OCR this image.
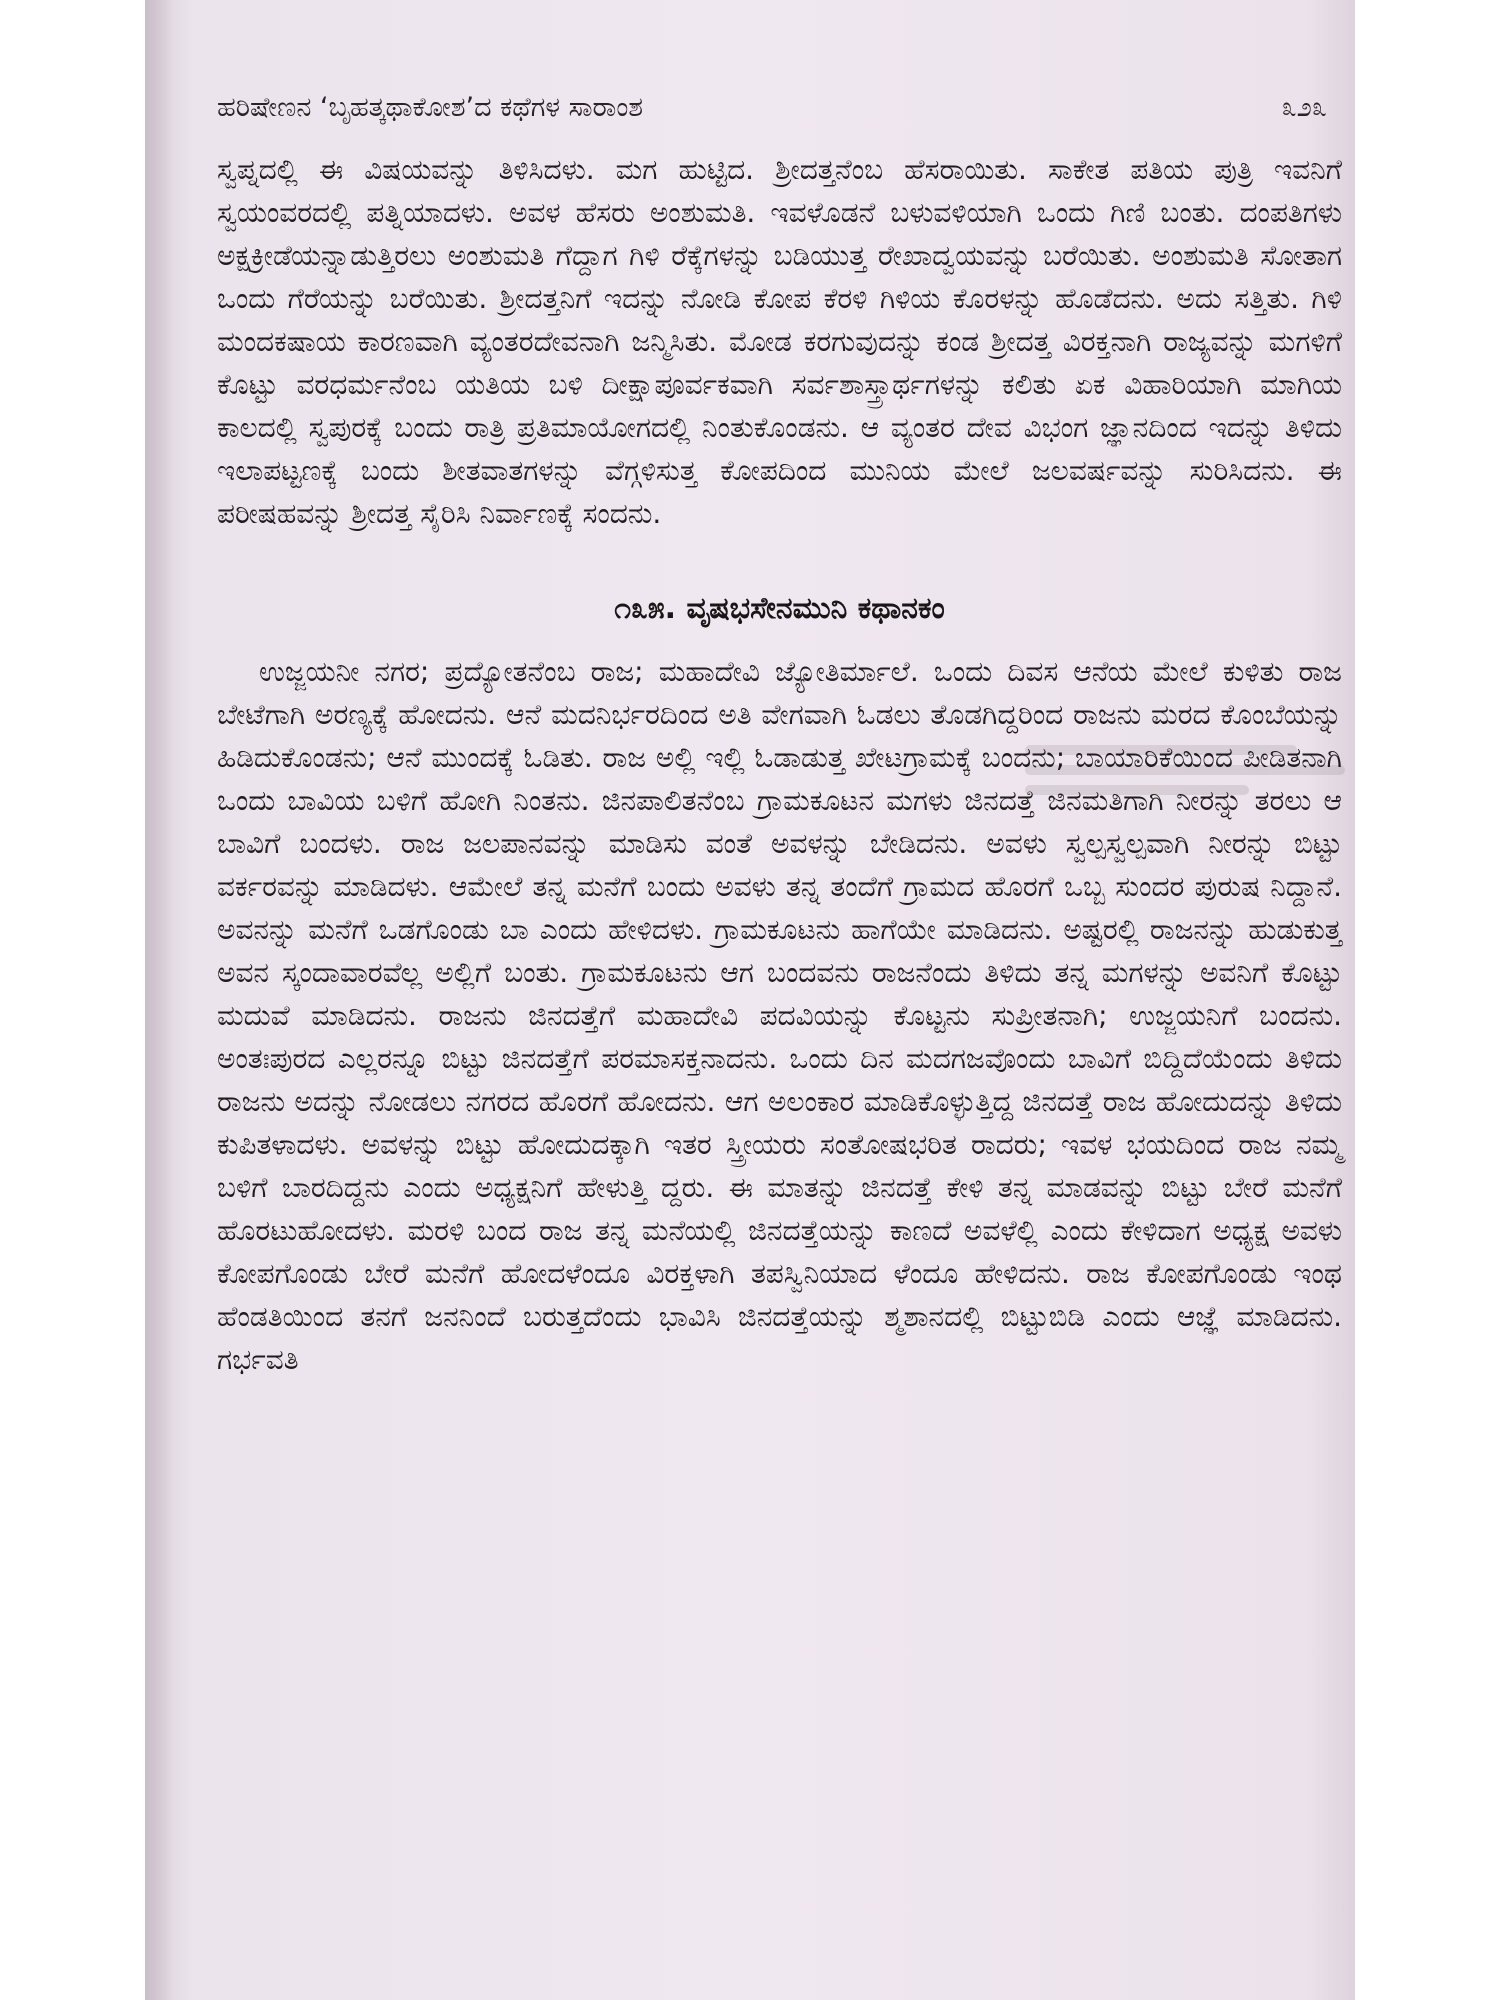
ಹರಿಷೇಣನ ‘ಬೃಹತ್ಕಥಾಕೋಶ’ದ ಕಥೆಗಳ ಸಾರಾಂಶ	೩೨೩

ಸ್ವಪ್ನದಲ್ಲಿ ಈ ವಿಷಯವನ್ನು ತಿಳಿಸಿದಳು. ಮಗ ಹುಟ್ಟಿದ. ಶ್ರೀದತ್ತನೆಂಬ ಹೆಸರಾಯಿತು. ಸಾಕೇತ ಪತಿಯ ಪುತ್ರಿ ಇವನಿಗೆ ಸ್ವಯಂವರದಲ್ಲಿ ಪತ್ನಿಯಾದಳು. ಅವಳ ಹೆಸರು ಅಂಶುಮತಿ. ಇವಳೊಡನೆ ಬಳುವಳಿಯಾಗಿ ಒಂದು ಗಿಣಿ ಬಂತು. ದಂಪತಿಗಳು ಅಕ್ಷಕ್ರೀಡೆಯನ್ನಾಡುತ್ತಿರಲು ಅಂಶುಮತಿ ಗೆದ್ದಾಗ ಗಿಳಿ ರೆಕ್ಕೆಗಳನ್ನು ಬಡಿಯುತ್ತ ರೇಖಾದ್ವಯವನ್ನು ಬರೆಯಿತು. ಅಂಶುಮತಿ ಸೋತಾಗ ಒಂದು ಗೆರೆಯನ್ನು ಬರೆಯಿತು. ಶ್ರೀದತ್ತನಿಗೆ ಇದನ್ನು ನೋಡಿ ಕೋಪ ಕೆರಳಿ ಗಿಳಿಯ ಕೊರಳನ್ನು ಹೊಡೆದನು. ಅದು ಸತ್ತಿತು. ಗಿಳಿ ಮಂದಕಷಾಯ ಕಾರಣವಾಗಿ ವ್ಯಂತರದೇವನಾಗಿ ಜನ್ಮಿಸಿತು. ಮೋಡ ಕರಗುವುದನ್ನು ಕಂಡ ಶ್ರೀದತ್ತ ವಿರಕ್ತನಾಗಿ ರಾಜ್ಯವನ್ನು ಮಗಳಿಗೆ ಕೊಟ್ಟು ವರಧರ್ಮನೆಂಬ ಯತಿಯ ಬಳಿ ದೀಕ್ಷಾಪೂರ್ವಕವಾಗಿ ಸರ್ವಶಾಸ್ತ್ರಾರ್ಥಗಳನ್ನು ಕಲಿತು ಏಕ ವಿಹಾರಿಯಾಗಿ ಮಾಗಿಯ ಕಾಲದಲ್ಲಿ ಸ್ವಪುರಕ್ಕೆ ಬಂದು ರಾತ್ರಿ ಪ್ರತಿಮಾಯೋಗದಲ್ಲಿ ನಿಂತುಕೊಂಡನು. ಆ ವ್ಯಂತರ ದೇವ ವಿಭಂಗ ಜ್ಞಾನದಿಂದ ಇದನ್ನು ತಿಳಿದು ಇಲಾಪಟ್ಟಣಕ್ಕೆ ಬಂದು ಶೀತವಾತಗಳನ್ನು ವೆಗ್ಗಳಿಸುತ್ತ ಕೋಪದಿಂದ ಮುನಿಯ ಮೇಲೆ ಜಲವರ್ಷವನ್ನು ಸುರಿಸಿದನು. ಈ ಪರೀಷಹವನ್ನು ಶ್ರೀದತ್ತ ಸೈರಿಸಿ ನಿರ್ವಾಣಕ್ಕೆ ಸಂದನು.

೧೩೫. ವೃಷಭಸೇನಮುನಿ ಕಥಾನಕಂ

ಉಜ್ಜಯನೀ ನಗರ; ಪ್ರದ್ಯೋತನೆಂಬ ರಾಜ; ಮಹಾದೇವಿ ಜ್ಯೋತಿರ್ಮಾಲೆ. ಒಂದು ದಿವಸ ಆನೆಯ ಮೇಲೆ ಕುಳಿತು ರಾಜ ಬೇಟೆಗಾಗಿ ಅರಣ್ಯಕ್ಕೆ ಹೋದನು. ಆನೆ ಮದನಿರ್ಭರದಿಂದ ಅತಿ ವೇಗವಾಗಿ ಓಡಲು ತೊಡಗಿದ್ದರಿಂದ ರಾಜನು ಮರದ ಕೊಂಬೆಯನ್ನು ಹಿಡಿದುಕೊಂಡನು; ಆನೆ ಮುಂದಕ್ಕೆ ಓಡಿತು. ರಾಜ ಅಲ್ಲಿ ಇಲ್ಲಿ ಓಡಾಡುತ್ತ ಖೇಟಗ್ರಾಮಕ್ಕೆ ಬಂದನು; ಬಾಯಾರಿಕೆಯಿಂದ ಪೀಡಿತನಾಗಿ ಒಂದು ಬಾವಿಯ ಬಳಿಗೆ ಹೋಗಿ ನಿಂತನು. ಜಿನಪಾಲಿತನೆಂಬ ಗ್ರಾಮಕೂಟನ ಮಗಳು ಜಿನದತ್ತೆ ಜಿನಮತಿಗಾಗಿ ನೀರನ್ನು ತರಲು ಆ ಬಾವಿಗೆ ಬಂದಳು. ರಾಜ ಜಲಪಾನವನ್ನು ಮಾಡಿಸು ವಂತೆ ಅವಳನ್ನು ಬೇಡಿದನು. ಅವಳು ಸ್ವಲ್ಪಸ್ವಲ್ಪವಾಗಿ ನೀರನ್ನು ಬಿಟ್ಟು ವರ್ಕರವನ್ನು ಮಾಡಿದಳು. ಆಮೇಲೆ ತನ್ನ ಮನೆಗೆ ಬಂದು ಅವಳು ತನ್ನ ತಂದೆಗೆ ಗ್ರಾಮದ ಹೊರಗೆ ಒಬ್ಬ ಸುಂದರ ಪುರುಷ ನಿದ್ದಾನೆ. ಅವನನ್ನು ಮನೆಗೆ ಒಡಗೊಂಡು ಬಾ ಎಂದು ಹೇಳಿದಳು. ಗ್ರಾಮಕೂಟನು ಹಾಗೆಯೇ ಮಾಡಿದನು. ಅಷ್ಟರಲ್ಲಿ ರಾಜನನ್ನು ಹುಡುಕುತ್ತ ಅವನ ಸ್ಕಂದಾವಾರವೆಲ್ಲ ಅಲ್ಲಿಗೆ ಬಂತು. ಗ್ರಾಮಕೂಟನು ಆಗ ಬಂದವನು ರಾಜನೆಂದು ತಿಳಿದು ತನ್ನ ಮಗಳನ್ನು ಅವನಿಗೆ ಕೊಟ್ಟು ಮದುವೆ ಮಾಡಿದನು. ರಾಜನು ಜಿನದತ್ತೆಗೆ ಮಹಾದೇವಿ ಪದವಿಯನ್ನು ಕೊಟ್ಟನು ಸುಪ್ರೀತನಾಗಿ; ಉಜ್ಜಯನಿಗೆ ಬಂದನು. ಅಂತಃಪುರದ ಎಲ್ಲರನ್ನೂ ಬಿಟ್ಟು ಜಿನದತ್ತೆಗೆ ಪರಮಾಸಕ್ತನಾದನು. ಒಂದು ದಿನ ಮದಗಜವೊಂದು ಬಾವಿಗೆ ಬಿದ್ದಿದೆಯೆಂದು ತಿಳಿದು ರಾಜನು ಅದನ್ನು ನೋಡಲು ನಗರದ ಹೊರಗೆ ಹೋದನು. ಆಗ ಅಲಂಕಾರ ಮಾಡಿಕೊಳ್ಳುತ್ತಿದ್ದ ಜಿನದತ್ತೆ ರಾಜ ಹೋದುದನ್ನು ತಿಳಿದು ಕುಪಿತಳಾದಳು. ಅವಳನ್ನು ಬಿಟ್ಟು ಹೋದುದಕ್ಕಾಗಿ ಇತರ ಸ್ತ್ರೀಯರು ಸಂತೋಷಭರಿತ ರಾದರು; ಇವಳ ಭಯದಿಂದ ರಾಜ ನಮ್ಮ ಬಳಿಗೆ ಬಾರದಿದ್ದನು ಎಂದು ಅಧ್ಯಕ್ಷನಿಗೆ ಹೇಳುತ್ತಿ ದ್ದರು. ಈ ಮಾತನ್ನು ಜಿನದತ್ತೆ ಕೇಳಿ ತನ್ನ ಮಾಡವನ್ನು ಬಿಟ್ಟು ಬೇರೆ ಮನೆಗೆ ಹೊರಟುಹೋದಳು. ಮರಳಿ ಬಂದ ರಾಜ ತನ್ನ ಮನೆಯಲ್ಲಿ ಜಿನದತ್ತೆಯನ್ನು ಕಾಣದೆ ಅವಳೆಲ್ಲಿ ಎಂದು ಕೇಳಿದಾಗ ಅಧ್ಯಕ್ಷ ಅವಳು ಕೋಪಗೊಂಡು ಬೇರೆ ಮನೆಗೆ ಹೋದಳೆಂದೂ ವಿರಕ್ತಳಾಗಿ ತಪಸ್ವಿನಿಯಾದ ಳೆಂದೂ ಹೇಳಿದನು. ರಾಜ ಕೋಪಗೊಂಡು ಇಂಥ ಹೆಂಡತಿಯಿಂದ ತನಗೆ ಜನನಿಂದೆ ಬರುತ್ತದೆಂದು ಭಾವಿಸಿ ಜಿನದತ್ತೆಯನ್ನು ಶ್ಮಶಾನದಲ್ಲಿ ಬಿಟ್ಟುಬಿಡಿ ಎಂದು ಆಜ್ಞೆ ಮಾಡಿದನು. ಗರ್ಭವತಿ
